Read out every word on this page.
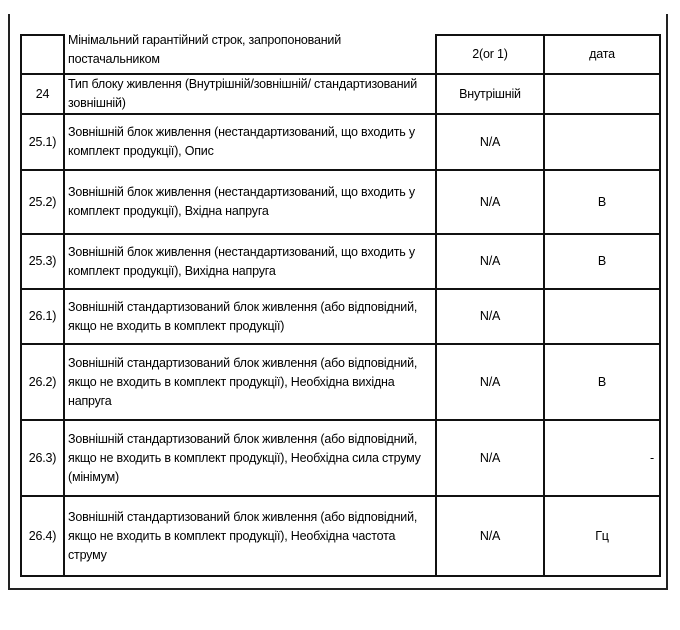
	Мінімальний гарантійний строк, запропонований постачальником	2(or 1)	дата
24	Тип блоку живлення (Внутрішній/зовнішній/ стандартизований зовнішній)	Внутрішній	
25.1)	Зовнішній блок живлення (нестандартизований, що входить у комплект продукції), Опис	N/A	
25.2)	Зовнішній блок живлення (нестандартизований, що входить у комплект продукції), Вхідна напруга	N/A	В
25.3)	Зовнішній блок живлення (нестандартизований, що входить у комплект продукції), Вихідна напруга	N/A	В
26.1)	Зовнішній стандартизований блок живлення (або відповідний, якщо не входить в комплект продукції)	N/A	
26.2)	Зовнішній стандартизований блок живлення (або відповідний, якщо не входить в комплект продукції), Необхідна вихідна напруга	N/A	В
26.3)	Зовнішній стандартизований блок живлення (або відповідний, якщо не входить в комплект продукції), Необхідна сила струму (мінімум)	N/A	-
26.4)	Зовнішній стандартизований блок живлення (або відповідний, якщо не входить в комплект продукції), Необхідна частота струму	N/A	Гц
